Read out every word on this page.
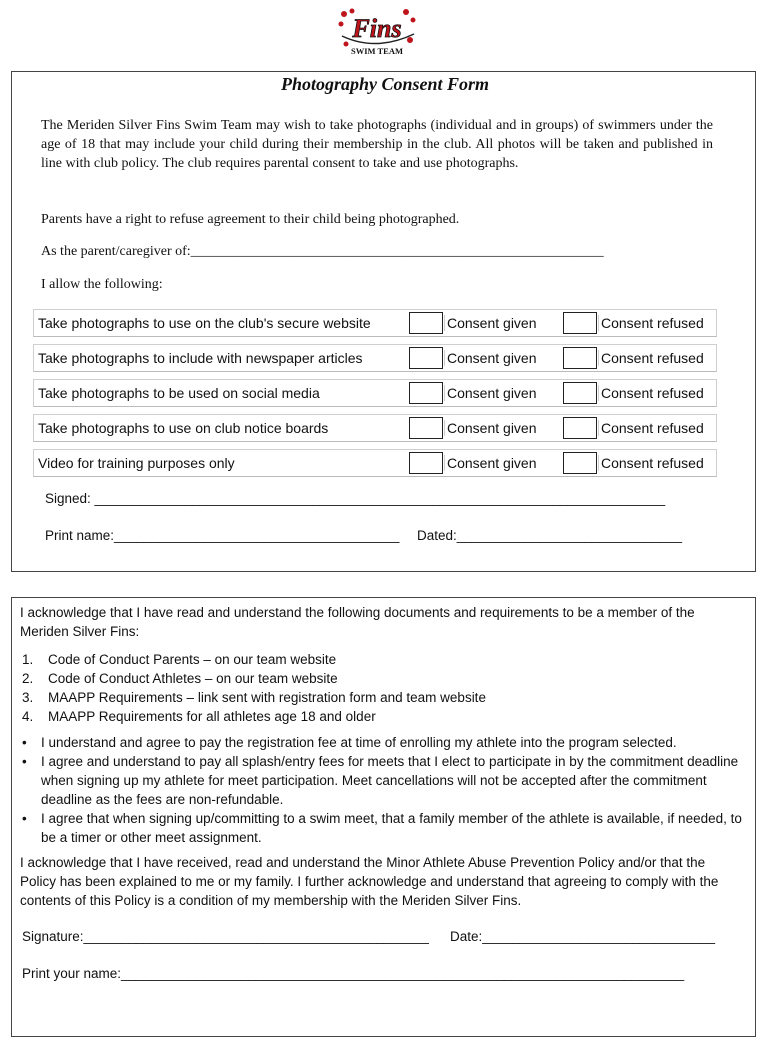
Fins
SWIM TEAM
Photography Consent Form
The Meriden Silver Fins Swim Team may wish to take photographs (individual and in groups) of swimmers under the age of 18 that may include your child during their membership in the club. All photos will be taken and published in line with club policy. The club requires parental consent to take and use photographs.
Parents have a right to refuse agreement to their child being photographed.
As the parent/caregiver of:___________________________________________________________
I allow the following:
Take photographs to use on the club's secure website	Consent given	Consent refused
Take photographs to include with newspaper articles	Consent given	Consent refused
Take photographs to be used on social media	Consent given	Consent refused
Take photographs to use on club notice boards	Consent given	Consent refused
Video for training purposes only	Consent given	Consent refused
Signed: ____________________________________________________________________________
Print name:______________________________________ Dated:______________________________
I acknowledge that I have read and understand the following documents and requirements to be a member of the Meriden Silver Fins:
1. Code of Conduct Parents – on our team website
2. Code of Conduct Athletes – on our team website
3. MAAPP Requirements – link sent with registration form and team website
4. MAAPP Requirements for all athletes age 18 and older
• I understand and agree to pay the registration fee at time of enrolling my athlete into the program selected.
• I agree and understand to pay all splash/entry fees for meets that I elect to participate in by the commitment deadline when signing up my athlete for meet participation. Meet cancellations will not be accepted after the commitment deadline as the fees are non-refundable.
• I agree that when signing up/committing to a swim meet, that a family member of the athlete is available, if needed, to be a timer or other meet assignment.
I acknowledge that I have received, read and understand the Minor Athlete Abuse Prevention Policy and/or that the Policy has been explained to me or my family. I further acknowledge and understand that agreeing to comply with the contents of this Policy is a condition of my membership with the Meriden Silver Fins.
Signature:______________________________________________ Date:_______________________________
Print your name:___________________________________________________________________________
